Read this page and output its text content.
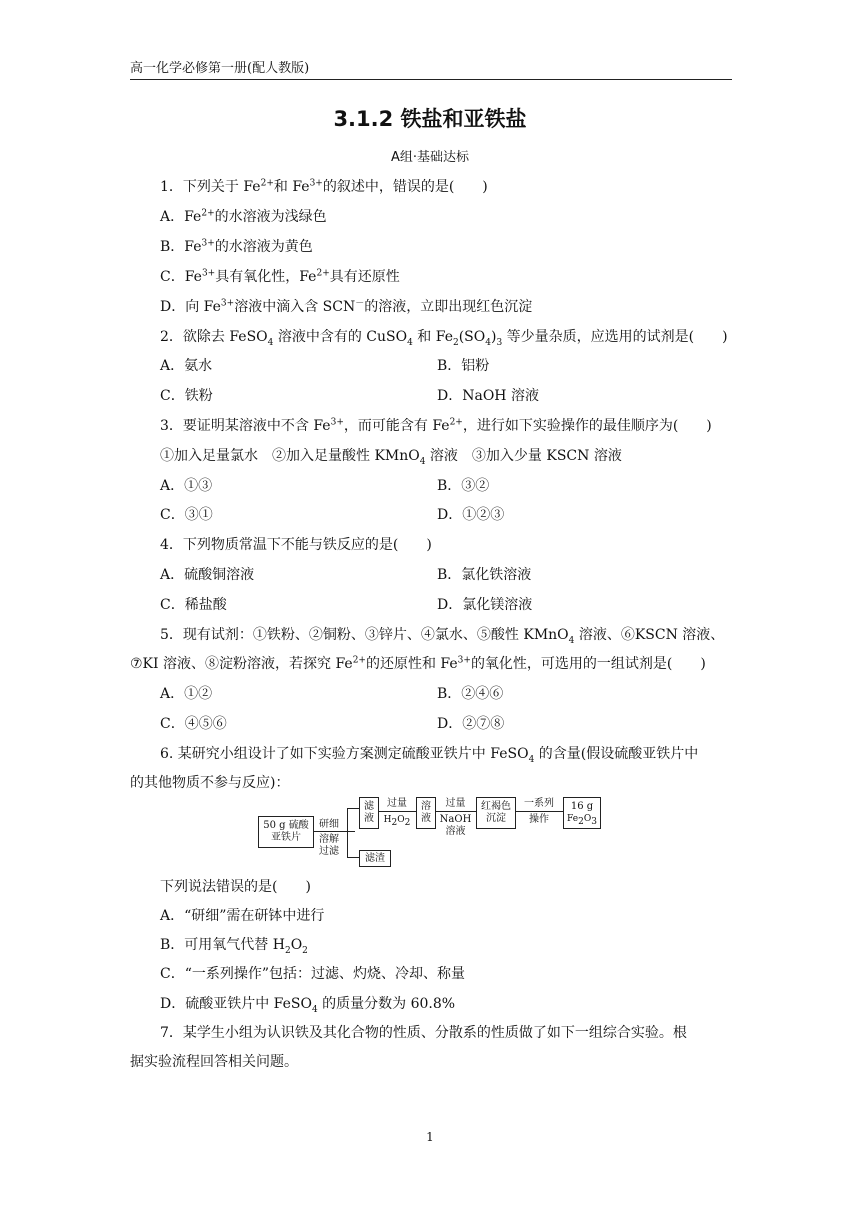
高一化学必修第一册(配人教版)
3.1.2 铁盐和亚铁盐
A组·基础达标
1．下列关于 $Fe^{2+}$和 $Fe^{3+}$的叙述中，错误的是(　　)
A．$Fe^{2+}$的水溶液为浅绿色
B．$Fe^{3+}$的水溶液为黄色
C．$Fe^{3+}$具有氧化性，$Fe^{2+}$具有还原性
D．向 $Fe^{3+}$溶液中滴入含 SCN－的溶液，立即出现红色沉淀
2．欲除去 FeSO$_4$ 溶液中含有的 CuSO$_4$ 和 $Fe_2(SO_4)_3$ 等少量杂质，应选用的试剂是(　　)
A．氨水	B．铝粉
C．铁粉	D．NaOH 溶液
3．要证明某溶液中不含 $Fe^{3+}$，而可能含有 $Fe^{2+}$，进行如下实验操作的最佳顺序为(　　)
①加入足量氯水　②加入足量酸性 KMnO$_4$ 溶液　③加入少量 KSCN 溶液
A．①③	B．③②
C．③①	D．①②③
4．下列物质常温下不能与铁反应的是(　　)
A．硫酸铜溶液	B．氯化铁溶液
C．稀盐酸	D．氯化镁溶液
5．现有试剂：①铁粉、②铜粉、③锌片、④氯水、⑤酸性 KMnO$_4$ 溶液、⑥KSCN 溶液、
⑦KI 溶液、⑧淀粉溶液，若探究 $Fe^{2+}$的还原性和 $Fe^{3+}$的氧化性，可选用的一组试剂是(　　)
A．①②	B．②④⑥
C．④⑤⑥	D．②⑦⑧
6. 某研究小组设计了如下实验方案测定硫酸亚铁片中 FeSO$_4$ 的含量(假设硫酸亚铁片中
的其他物质不参与反应)：
50 g 硫酸
亚铁片
研细
溶解
过滤
滤
液
滤渣
过量
$H_2O_2$
溶
液
过量
NaOH
溶液
红褐色
沉淀
一系列
操作
16 g
$Fe_2O_3$
下列说法错误的是(　　)
A．“研细”需在研钵中进行
B．可用氧气代替 $H_2O_2$
C．“一系列操作”包括：过滤、灼烧、冷却、称量
D．硫酸亚铁片中 FeSO$_4$ 的质量分数为 60.8%
7．某学生小组为认识铁及其化合物的性质、分散系的性质做了如下一组综合实验。根
据实验流程回答相关问题。
1
